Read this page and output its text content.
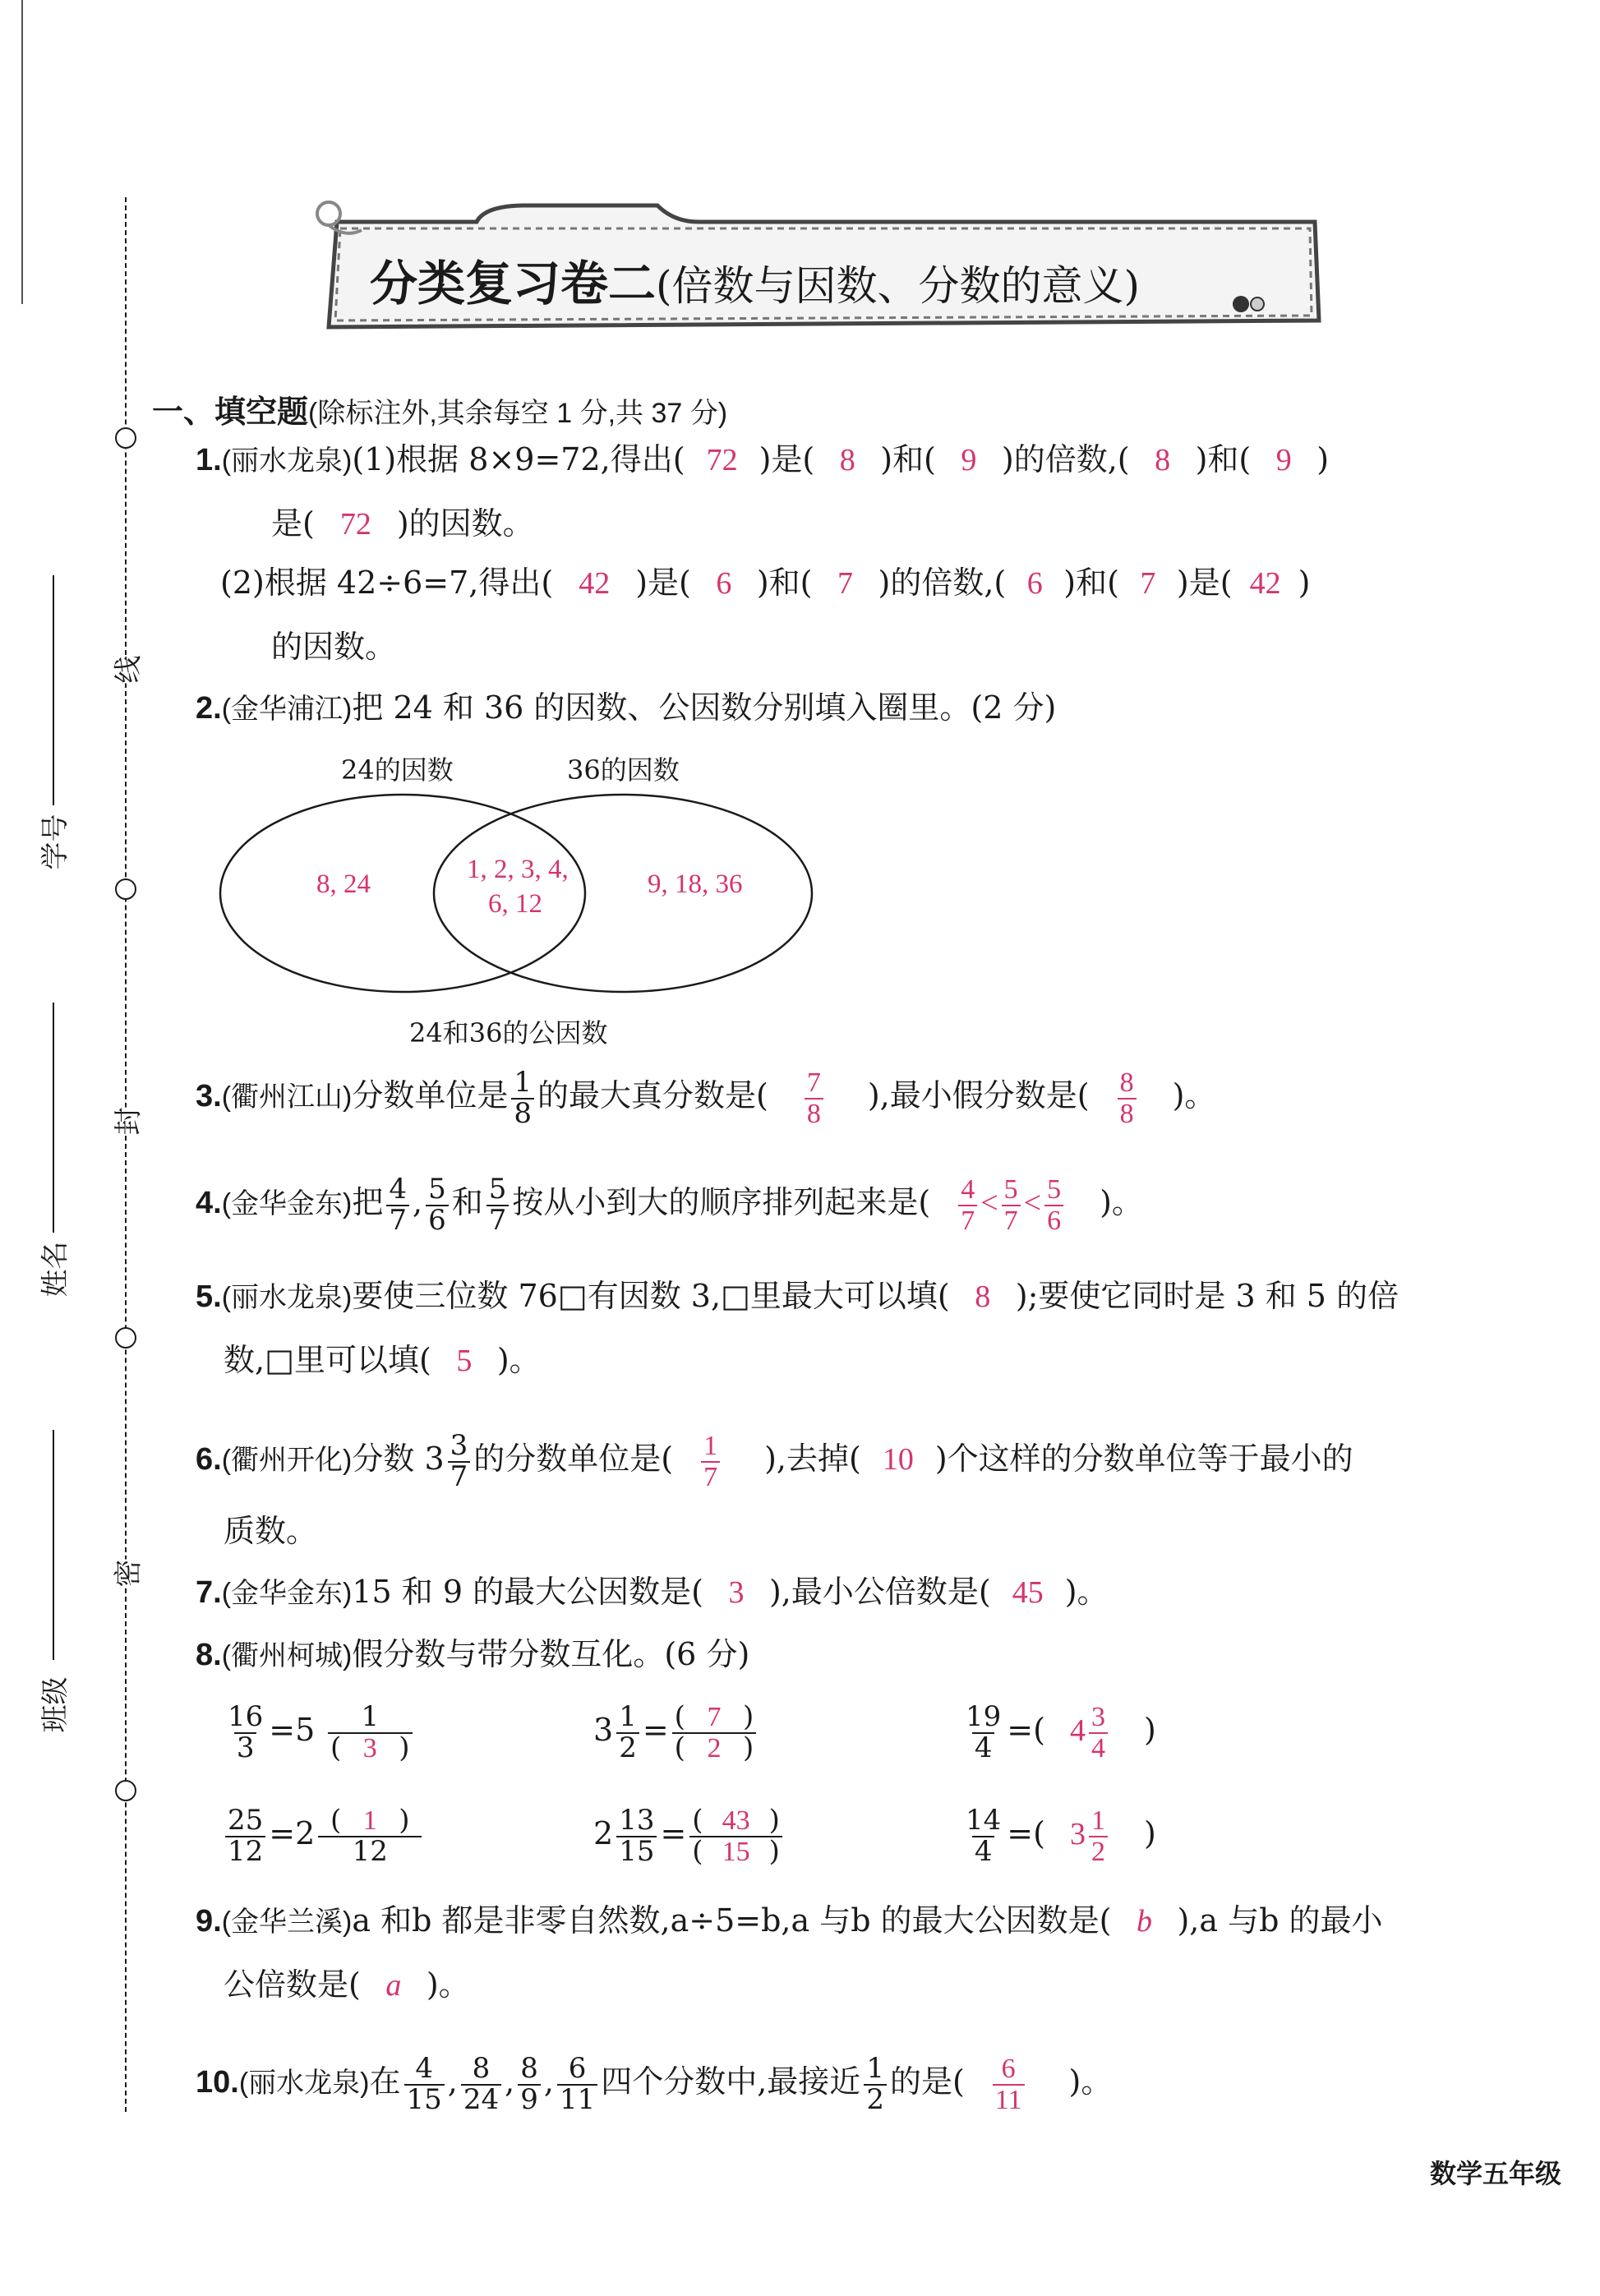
线
封
密
学号
姓名
班级
分类复习卷二(倍数与因数、分数的意义)
一、填空题(除标注外,其余每空 1 分,共 37 分)
1.(丽水龙泉)(1)根据 8×9=72,得出( 72 )是( 8 )和( 9 )的倍数,( 8 )和( 9 )
是( 72 )的因数。
(2)根据 42÷6=7,得出( 42 )是( 6 )和( 7 )的倍数,( 6 )和( 7 )是( 42 )
的因数。
2.(金华浦江)把 24 和 36 的因数、公因数分别填入圈里。(2 分)
24的因数	36的因数
24和36的公因数
8, 24	1, 2, 3, 4,
6, 12
9, 18, 36
3.(衢州江山)分数单位是 $\frac{1}{8}$ 的最大真分数是( $\frac{7}{8}$ ),最小假分数是( $\frac{8}{8}$ )。
4.(金华金东)把 $\frac{4}{7}$ , $\frac{5}{6}$ 和 $\frac{5}{7}$ 按从小到大的顺序排列起来是( $\frac{4}{7} < \frac{5}{7} < \frac{5}{6}$ )。
5.(丽水龙泉)要使三位数 76□有因数 3,□里最大可以填( 8 );要使它同时是 3 和 5 的倍
数,□里可以填( 5 )。
6.(衢州开化)分数 $3 \frac{3}{7}$ 的分数单位是( $\frac{1}{7}$ ),去掉( 10 )个这样的分数单位等于最小的
质数。
7.(金华金东)15 和 9 的最大公因数是( 3 ),最小公倍数是( 45 )。
8.(衢州柯城)假分数与带分数互化。(6 分)
$\frac{16}{3} =5 \frac{1}{( 3 )}$	$3 \frac{1}{2} = \frac{( 7 )}{( 2 )}$	$\frac{19}{4}$ =( $4 \frac{3}{4}$ )
$\frac{25}{12} =2 \frac{( 1 )}{12}$	$2 \frac{13}{15} = \frac{( 43 )}{( 15 )}$	$\frac{14}{4}$ =( $3 \frac{1}{2}$ )
9.(金华兰溪)a 和b 都是非零自然数,a÷5=b,a 与b 的最大公因数是( b ),a 与b 的最小
公倍数是( a )。
10.(丽水龙泉)在 $\frac{4}{15}$ , $\frac{8}{24}$ , $\frac{8}{9}$ , $\frac{6}{11}$ 四个分数中,最接近 $\frac{1}{2}$ 的是( $\frac{6}{11}$ )。
数学五年级
